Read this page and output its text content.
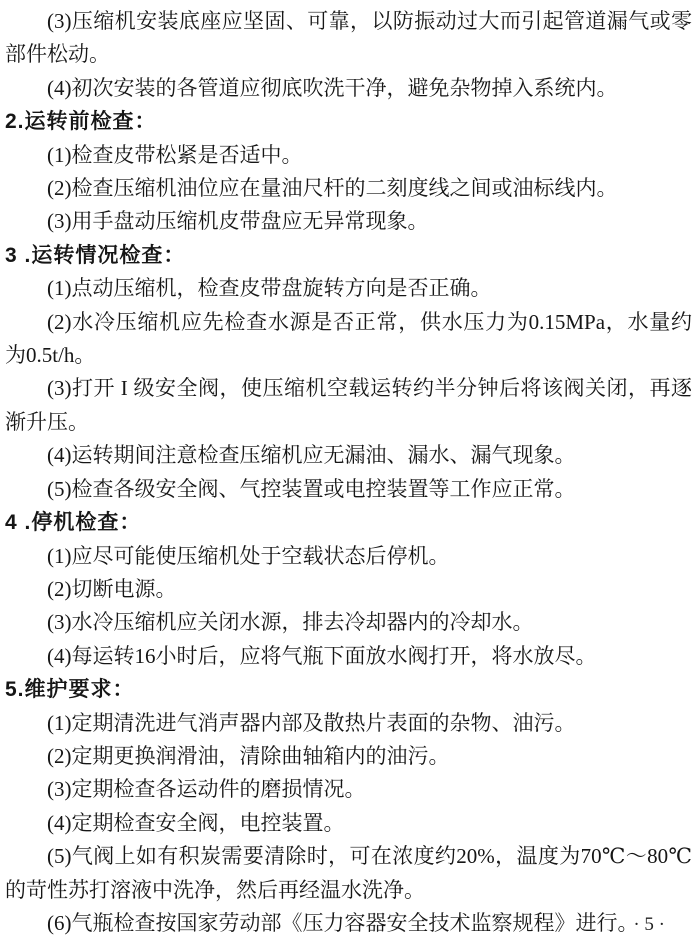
(3)压缩机安装底座应坚固、可靠，以防振动过大而引起管道漏气或零部件松动。

(4)初次安装的各管道应彻底吹洗干净，避免杂物掉入系统内。

2.运转前检查：

(1)检查皮带松紧是否适中。

(2)检查压缩机油位应在量油尺杆的二刻度线之间或油标线内。

(3)用手盘动压缩机皮带盘应无异常现象。

3 .运转情况检查：

(1)点动压缩机，检查皮带盘旋转方向是否正确。

(2)水冷压缩机应先检查水源是否正常，供水压力为0.15MPa，水量约为0.5t/h。

(3)打开 I 级安全阀，使压缩机空载运转约半分钟后将该阀关闭，再逐渐升压。

(4)运转期间注意检查压缩机应无漏油、漏水、漏气现象。

(5)检查各级安全阀、气控装置或电控装置等工作应正常。

4 .停机检查：

(1)应尽可能使压缩机处于空载状态后停机。

(2)切断电源。

(3)水冷压缩机应关闭水源，排去冷却器内的冷却水。

(4)每运转16小时后，应将气瓶下面放水阀打开，将水放尽。

5.维护要求：

(1)定期清洗进气消声器内部及散热片表面的杂物、油污。

(2)定期更换润滑油，清除曲轴箱内的油污。

(3)定期检查各运动件的磨损情况。

(4)定期检查安全阀，电控装置。

(5)气阀上如有积炭需要清除时，可在浓度约20%，温度为70℃～80℃的苛性苏打溶液中洗净，然后再经温水洗净。

(6)气瓶检查按国家劳动部《压力容器安全技术监察规程》进行。

· 5 ·
